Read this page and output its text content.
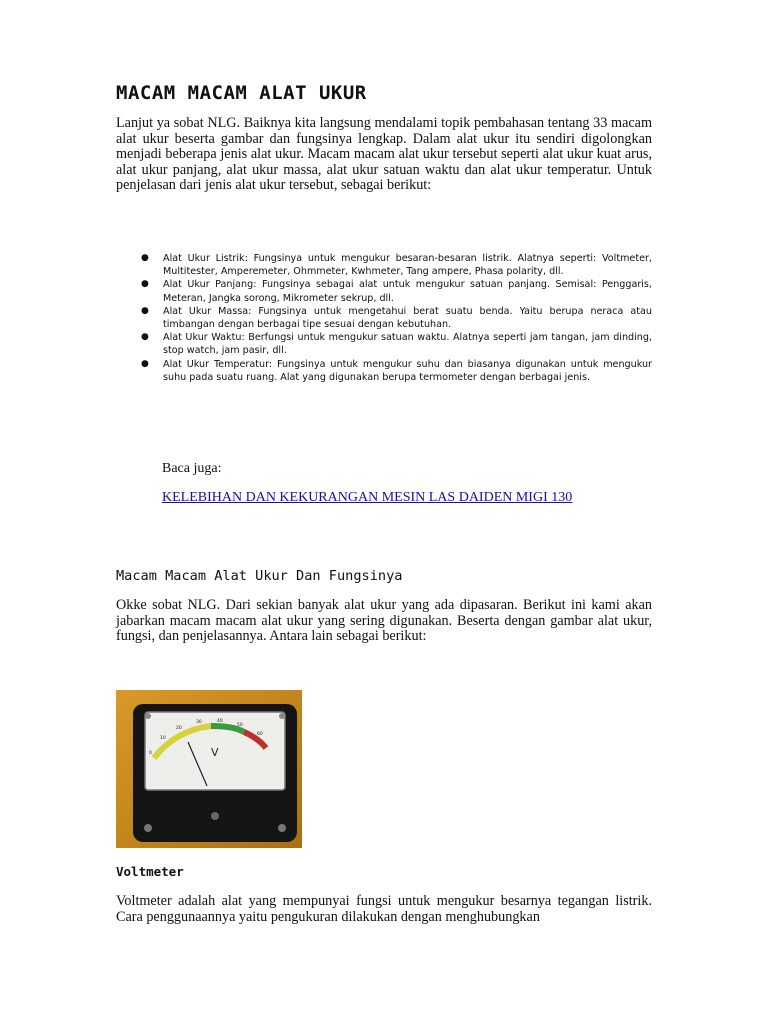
MACAM MACAM ALAT UKUR

Lanjut ya sobat NLG. Baiknya kita langsung mendalami topik pembahasan tentang 33 macam alat ukur beserta gambar dan fungsinya lengkap. Dalam alat ukur itu sendiri digolongkan menjadi beberapa jenis alat ukur. Macam macam alat ukur tersebut seperti alat ukur kuat arus, alat ukur panjang, alat ukur massa, alat ukur satuan waktu dan alat ukur temperatur. Untuk penjelasan dari jenis alat ukur tersebut, sebagai berikut:

● Alat Ukur Listrik: Fungsinya untuk mengukur besaran-besaran listrik. Alatnya seperti: Voltmeter, Multitester, Amperemeter, Ohmmeter, Kwhmeter, Tang ampere, Phasa polarity, dll.
● Alat Ukur Panjang: Fungsinya sebagai alat untuk mengukur satuan panjang. Semisal: Penggaris, Meteran, Jangka sorong, Mikrometer sekrup, dll.
● Alat Ukur Massa: Fungsinya untuk mengetahui berat suatu benda. Yaitu berupa neraca atau timbangan dengan berbagai tipe sesuai dengan kebutuhan.
● Alat Ukur Waktu: Berfungsi untuk mengukur satuan waktu. Alatnya seperti jam tangan, jam dinding, stop watch, jam pasir, dll.
● Alat Ukur Temperatur: Fungsinya untuk mengukur suhu dan biasanya digunakan untuk mengukur suhu pada suatu ruang. Alat yang digunakan berupa termometer dengan berbagai jenis.

Baca juga:

KELEBIHAN DAN KEKURANGAN MESIN LAS DAIDEN MIGI 130
Macam Macam Alat Ukur Dan Fungsinya

Okke sobat NLG. Dari sekian banyak alat ukur yang ada dipasaran. Berikut ini kami akan jabarkan macam macam alat ukur yang sering digunakan. Beserta dengan gambar alat ukur, fungsi, dan penjelasannya. Antara lain sebagai berikut:

0
10
20
30	40
50
60
V
Voltmeter

Voltmeter adalah alat yang mempunyai fungsi untuk mengukur besarnya tegangan listrik. Cara penggunaannya yaitu pengukuran dilakukan dengan menghubungkan
